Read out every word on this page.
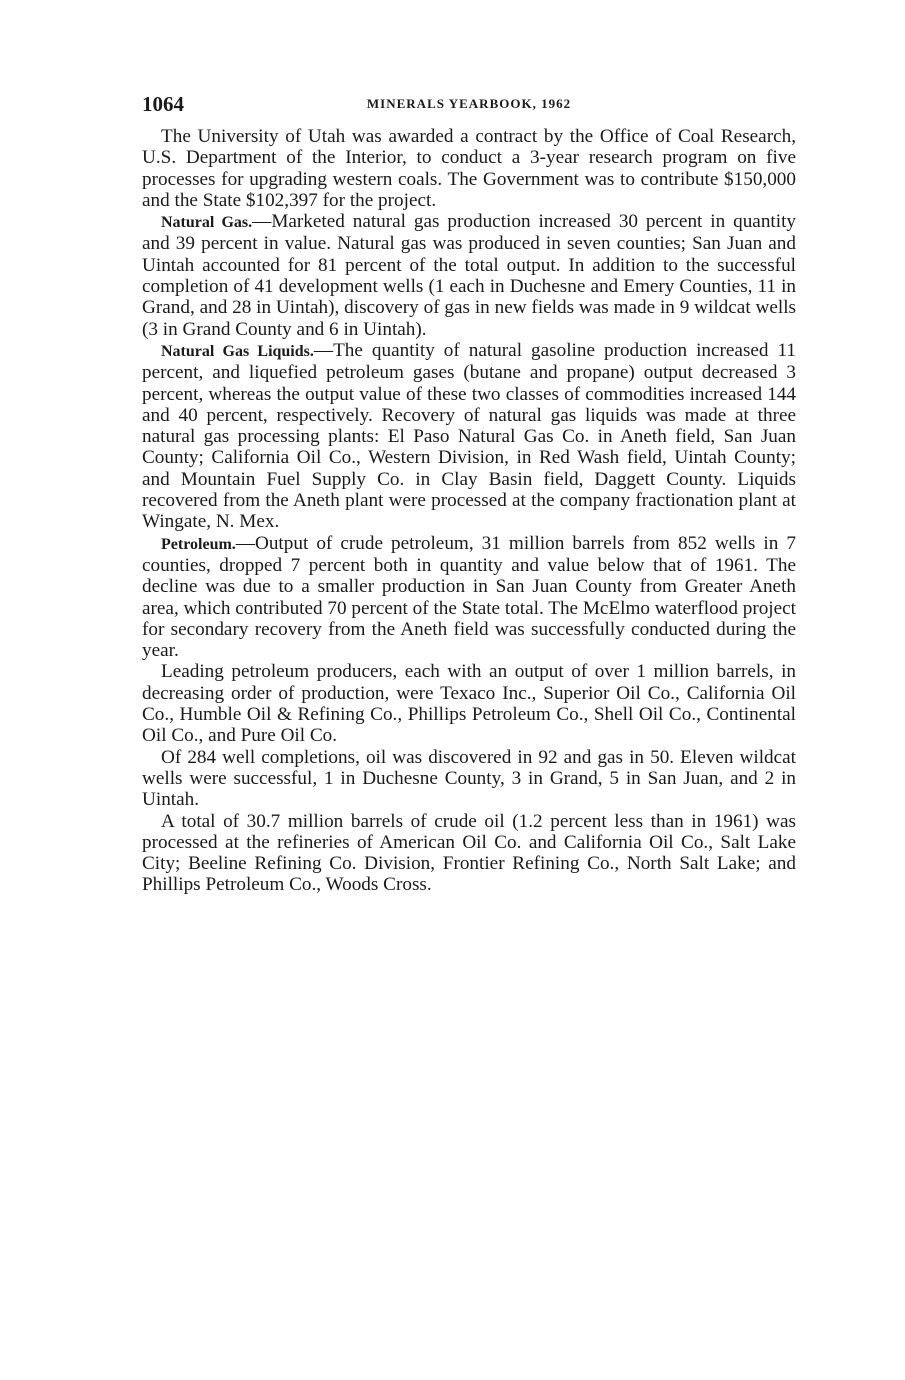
1064	MINERALS YEARBOOK, 1962

The University of Utah was awarded a contract by the Office of Coal Research, U.S. Department of the Interior, to conduct a 3-year research program on five processes for upgrading western coals. The Government was to contribute $150,000 and the State $102,397 for the project.

Natural Gas.—Marketed natural gas production increased 30 percent in quantity and 39 percent in value. Natural gas was produced in seven counties; San Juan and Uintah accounted for 81 percent of the total output. In addition to the successful completion of 41 development wells (1 each in Duchesne and Emery Counties, 11 in Grand, and 28 in Uintah), discovery of gas in new fields was made in 9 wildcat wells (3 in Grand County and 6 in Uintah).

Natural Gas Liquids.—The quantity of natural gasoline production increased 11 percent, and liquefied petroleum gases (butane and propane) output decreased 3 percent, whereas the output value of these two classes of commodities increased 144 and 40 percent, respectively. Recovery of natural gas liquids was made at three natural gas processing plants: El Paso Natural Gas Co. in Aneth field, San Juan County; California Oil Co., Western Division, in Red Wash field, Uintah County; and Mountain Fuel Supply Co. in Clay Basin field, Daggett County. Liquids recovered from the Aneth plant were processed at the company fractionation plant at Wingate, N. Mex.

Petroleum.—Output of crude petroleum, 31 million barrels from 852 wells in 7 counties, dropped 7 percent both in quantity and value below that of 1961. The decline was due to a smaller production in San Juan County from Greater Aneth area, which contributed 70 percent of the State total. The McElmo waterflood project for secondary recovery from the Aneth field was successfully conducted during the year.

Leading petroleum producers, each with an output of over 1 million barrels, in decreasing order of production, were Texaco Inc., Superior Oil Co., California Oil Co., Humble Oil & Refining Co., Phillips Petroleum Co., Shell Oil Co., Continental Oil Co., and Pure Oil Co.

Of 284 well completions, oil was discovered in 92 and gas in 50. Eleven wildcat wells were successful, 1 in Duchesne County, 3 in Grand, 5 in San Juan, and 2 in Uintah.

A total of 30.7 million barrels of crude oil (1.2 percent less than in 1961) was processed at the refineries of American Oil Co. and California Oil Co., Salt Lake City; Beeline Refining Co. Division, Frontier Refining Co., North Salt Lake; and Phillips Petroleum Co., Woods Cross.
